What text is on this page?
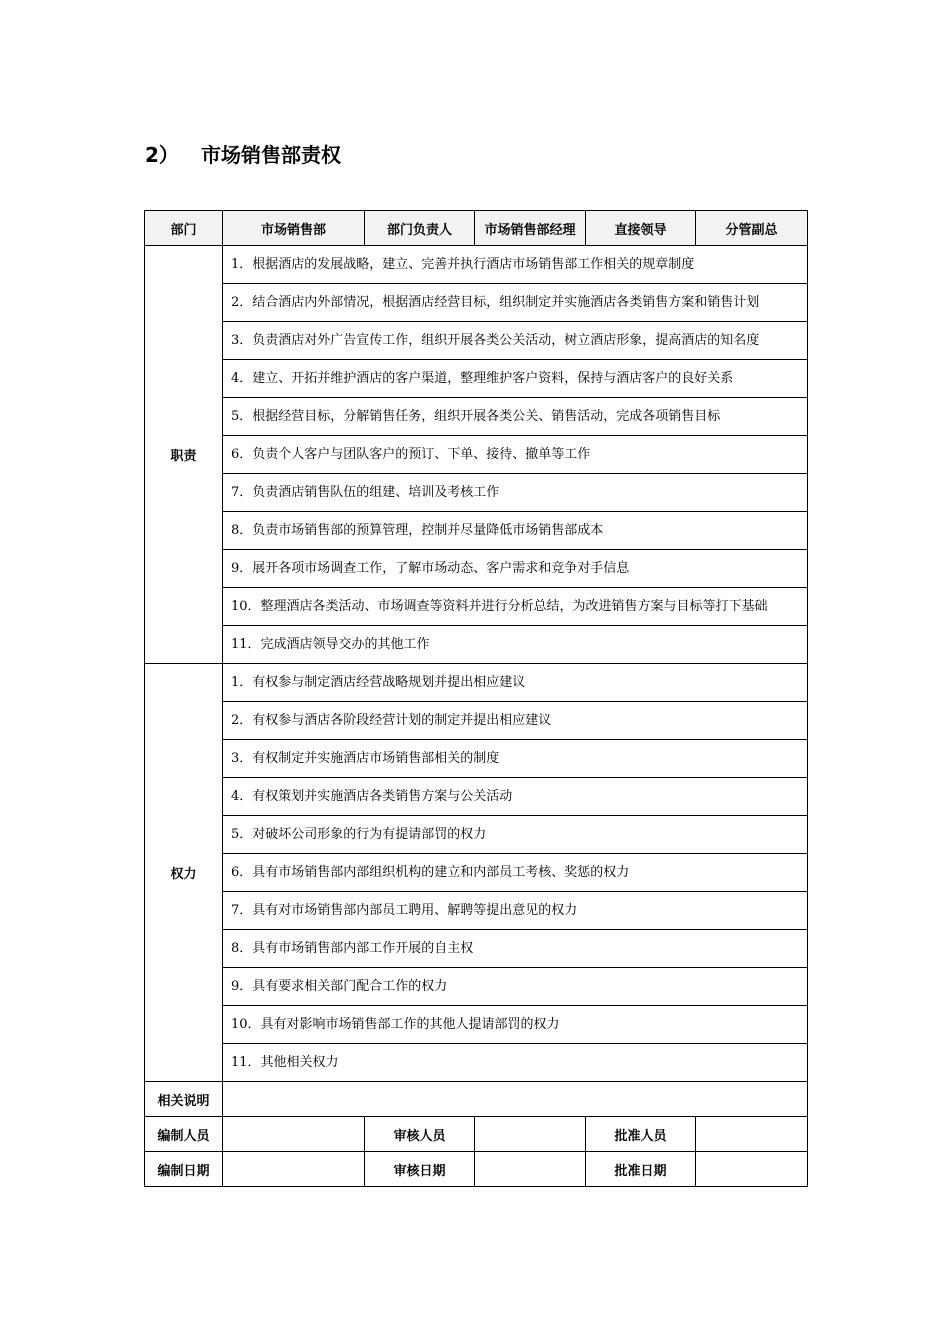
2） 市场销售部责权
部门	市场销售部	部门负责人	市场销售部经理	直接领导	分管副总
职责	1．根据酒店的发展战略，建立、完善并执行酒店市场销售部工作相关的规章制度				
	2．结合酒店内外部情况，根据酒店经营目标，组织制定并实施酒店各类销售方案和销售计划				
	3．负责酒店对外广告宣传工作，组织开展各类公关活动，树立酒店形象，提高酒店的知名度				
	4．建立、开拓并维护酒店的客户渠道，整理维护客户资料，保持与酒店客户的良好关系				
	5．根据经营目标，分解销售任务，组织开展各类公关、销售活动，完成各项销售目标				
	6．负责个人客户与团队客户的预订、下单、接待、撤单等工作				
	7．负责酒店销售队伍的组建、培训及考核工作				
	8．负责市场销售部的预算管理，控制并尽量降低市场销售部成本				
	9．展开各项市场调查工作，了解市场动态、客户需求和竞争对手信息				
	10．整理酒店各类活动、市场调查等资料并进行分析总结，为改进销售方案与目标等打下基础				
	11．完成酒店领导交办的其他工作				
权力	1．有权参与制定酒店经营战略规划并提出相应建议				
	2．有权参与酒店各阶段经营计划的制定并提出相应建议				
	3．有权制定并实施酒店市场销售部相关的制度				
	4．有权策划并实施酒店各类销售方案与公关活动				
	5．对破坏公司形象的行为有提请部罚的权力				
	6．具有市场销售部内部组织机构的建立和内部员工考核、奖惩的权力				
	7．具有对市场销售部内部员工聘用、解聘等提出意见的权力				
	8．具有市场销售部内部工作开展的自主权				
	9．具有要求相关部门配合工作的权力				
	10．具有对影响市场销售部工作的其他人提请部罚的权力				
	11．其他相关权力				
相关说明					
编制人员		审核人员		批准人员	
编制日期		审核日期		批准日期	
